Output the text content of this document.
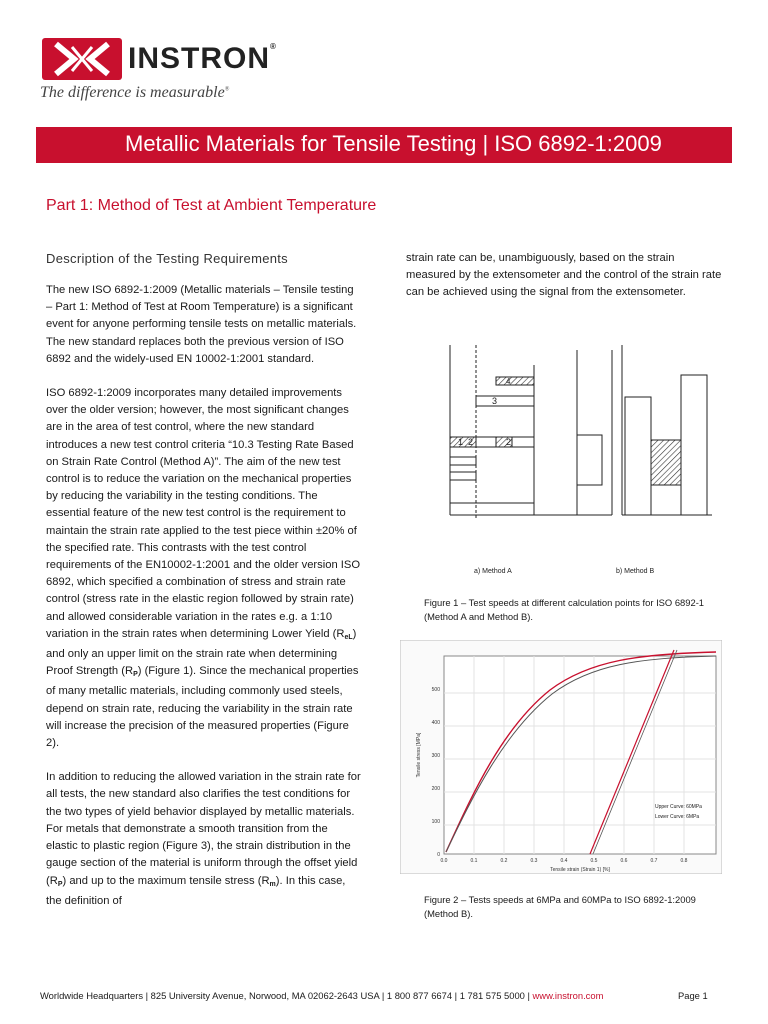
INSTRON®
The difference is measurable®
Metallic Materials for Tensile Testing | ISO 6892-1:2009
Part 1: Method of Test at Ambient Temperature
Description of the Testing Requirements

The new ISO 6892-1:2009 (Metallic materials – Tensile testing – Part 1: Method of Test at Room Temperature) is a significant event for anyone performing tensile tests on metallic materials. The new standard replaces both the previous version of ISO 6892 and the widely-used EN 10002-1:2001 standard.

ISO 6892-1:2009 incorporates many detailed improvements over the older version; however, the most significant changes are in the area of test control, where the new standard introduces a new test control criteria “10.3 Testing Rate Based on Strain Rate Control (Method A)”. The aim of the new test control is to reduce the variation on the mechanical properties by reducing the variability in the testing conditions. The essential feature of the new test control is the requirement to maintain the strain rate applied to the test piece within ±20% of the specified rate. This contrasts with the test control requirements of the EN10002-1:2001 and the older version ISO 6892, which specified a combination of stress and strain rate control (stress rate in the elastic region followed by strain rate) and allowed considerable variation in the rates e.g. a 1:10 variation in the strain rates when determining Lower Yield $(R_{eL})$ and only an upper limit on the strain rate when determining Proof Strength $(R_P)$ (Figure 1). Since the mechanical properties of many metallic materials, including commonly used steels, depend on strain rate, reducing the variability in the strain rate will increase the precision of the measured properties (Figure 2).

In addition to reducing the allowed variation in the strain rate for all tests, the new standard also clarifies the test conditions for the two types of yield behavior displayed by metallic materials. For metals that demonstrate a smooth transition from the elastic to plastic region (Figure 3), the strain distribution in the gauge section of the material is uniform through the offset yield $(R_P)$ and up to the maximum tensile stress $(R_m)$. In this case, the definition of

strain rate can be, unambiguously, based on the strain measured by the extensometer and the control of the strain rate can be achieved using the signal from the extensometer.

1	2
2
3
4
a) Method A	b) Method B
Figure 1 – Test speeds at different calculation points for ISO 6892-1 (Method A and Method B).
0
100
200
300
400
500
0.0	0.1	0.2	0.3	0.4	0.5	0.6	0.7	0.8
Tensile strain (Strain 1) [%]
Tensile stress [MPa]
Upper Curve: 60MPa
Lower Curve: 6MPa
Figure 2 – Tests speeds at 6MPa and 60MPa to ISO 6892-1:2009 (Method B).
Worldwide Headquarters | 825 University Avenue, Norwood, MA 02062-2643 USA | 1 800 877 6674 | 1 781 575 5000 | www.instron.com	Page 1
